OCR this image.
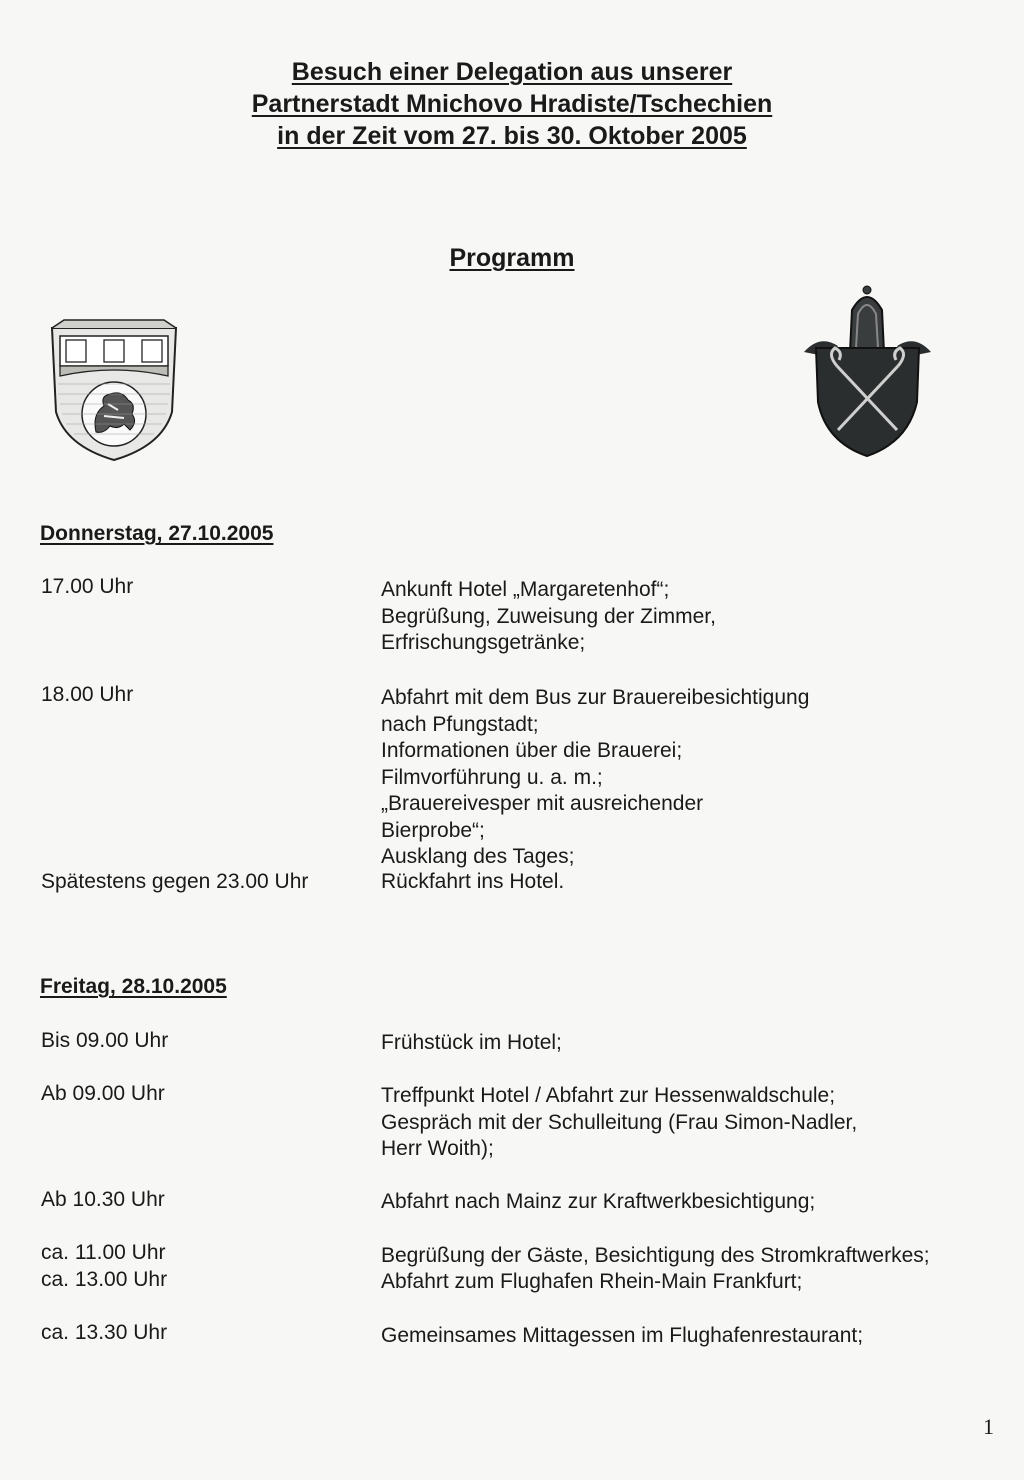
Besuch einer Delegation aus unserer
Partnerstadt Mnichovo Hradiste/Tschechien
in der Zeit vom 27. bis 30. Oktober 2005
Programm
Donnerstag, 27.10.2005
17.00 Uhr	Ankunft Hotel „Margaretenhof“;
Begrüßung, Zuweisung der Zimmer,
Erfrischungsgetränke;
18.00 Uhr	Abfahrt mit dem Bus zur Brauereibesichtigung
nach Pfungstadt;
Informationen über die Brauerei;
Filmvorführung u. a. m.;
„Brauereivesper mit ausreichender
Bierprobe“;
Ausklang des Tages;
Spätestens gegen 23.00 Uhr	Rückfahrt ins Hotel.
Freitag, 28.10.2005
Bis 09.00 Uhr	Frühstück im Hotel;
Ab 09.00 Uhr	Treffpunkt Hotel / Abfahrt zur Hessenwaldschule;
Gespräch mit der Schulleitung (Frau Simon-Nadler,
Herr Woith);
Ab 10.30 Uhr	Abfahrt nach Mainz zur Kraftwerkbesichtigung;
ca. 11.00 Uhr	Begrüßung der Gäste, Besichtigung des Stromkraftwerkes;
ca. 13.00 Uhr	Abfahrt zum Flughafen Rhein-Main Frankfurt;
ca. 13.30 Uhr	Gemeinsames Mittagessen im Flughafenrestaurant;
1
